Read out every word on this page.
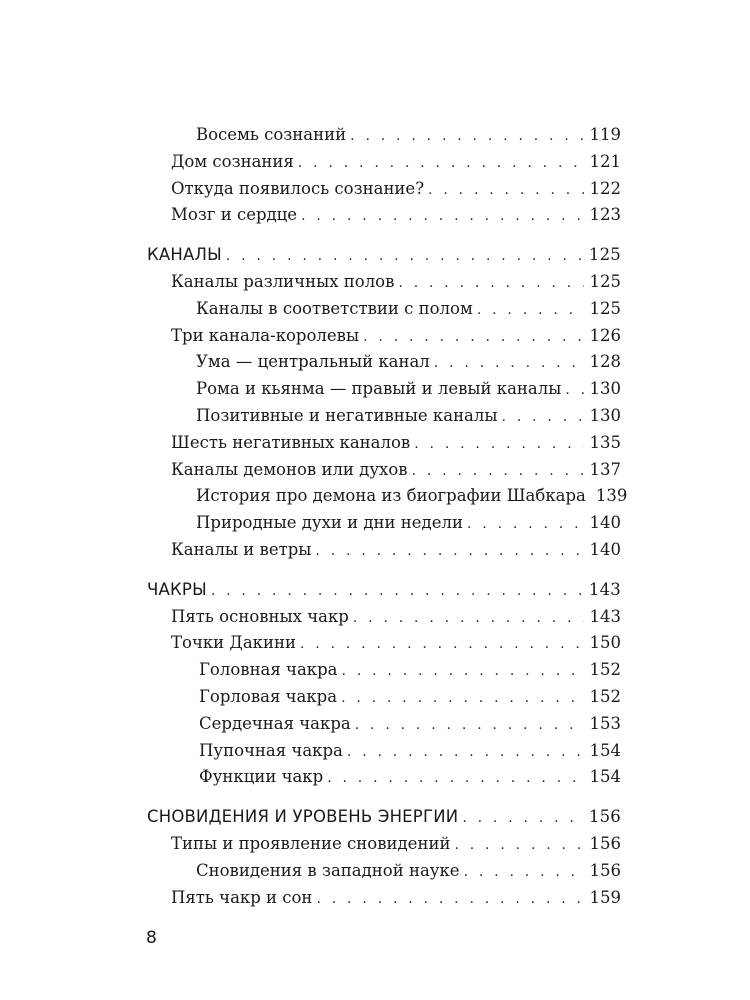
Восемь сознаний . . .	119
Дом сознания . . .	121
Откуда появилось сознание? . . .	122
Мозг и сердце . . .	123
КАНАЛЫ . . .	125
Каналы различных полов . . .	125
Каналы в соответствии с полом . . .	125
Три канала-королевы . . .	126
Ума — центральный канал . . .	128
Рома и кьянма — правый и левый каналы . . . 130
Позитивные и негативные каналы . . .	130
Шесть негативных каналов . . .	135
Каналы демонов или духов . . .	137
История про демона из биографии Шабкара 139
Природные духи и дни недели . . .	140
Каналы и ветры . . .	140
ЧАКРЫ . . .	143
Пять основных чакр . . .	143
Точки Дакини . . .	150
Головная чакра . . .	152
Горловая чакра . . .	152
Сердечная чакра . . .	153
Пупочная чакра . . .	154
Функции чакр . . .	154
СНОВИДЕНИЯ И УРОВЕНЬ ЭНЕРГИИ . . .	156
Типы и проявление сновидений . . .	156
Сновидения в западной науке . . .	156
Пять чакр и сон . . .	159
8
